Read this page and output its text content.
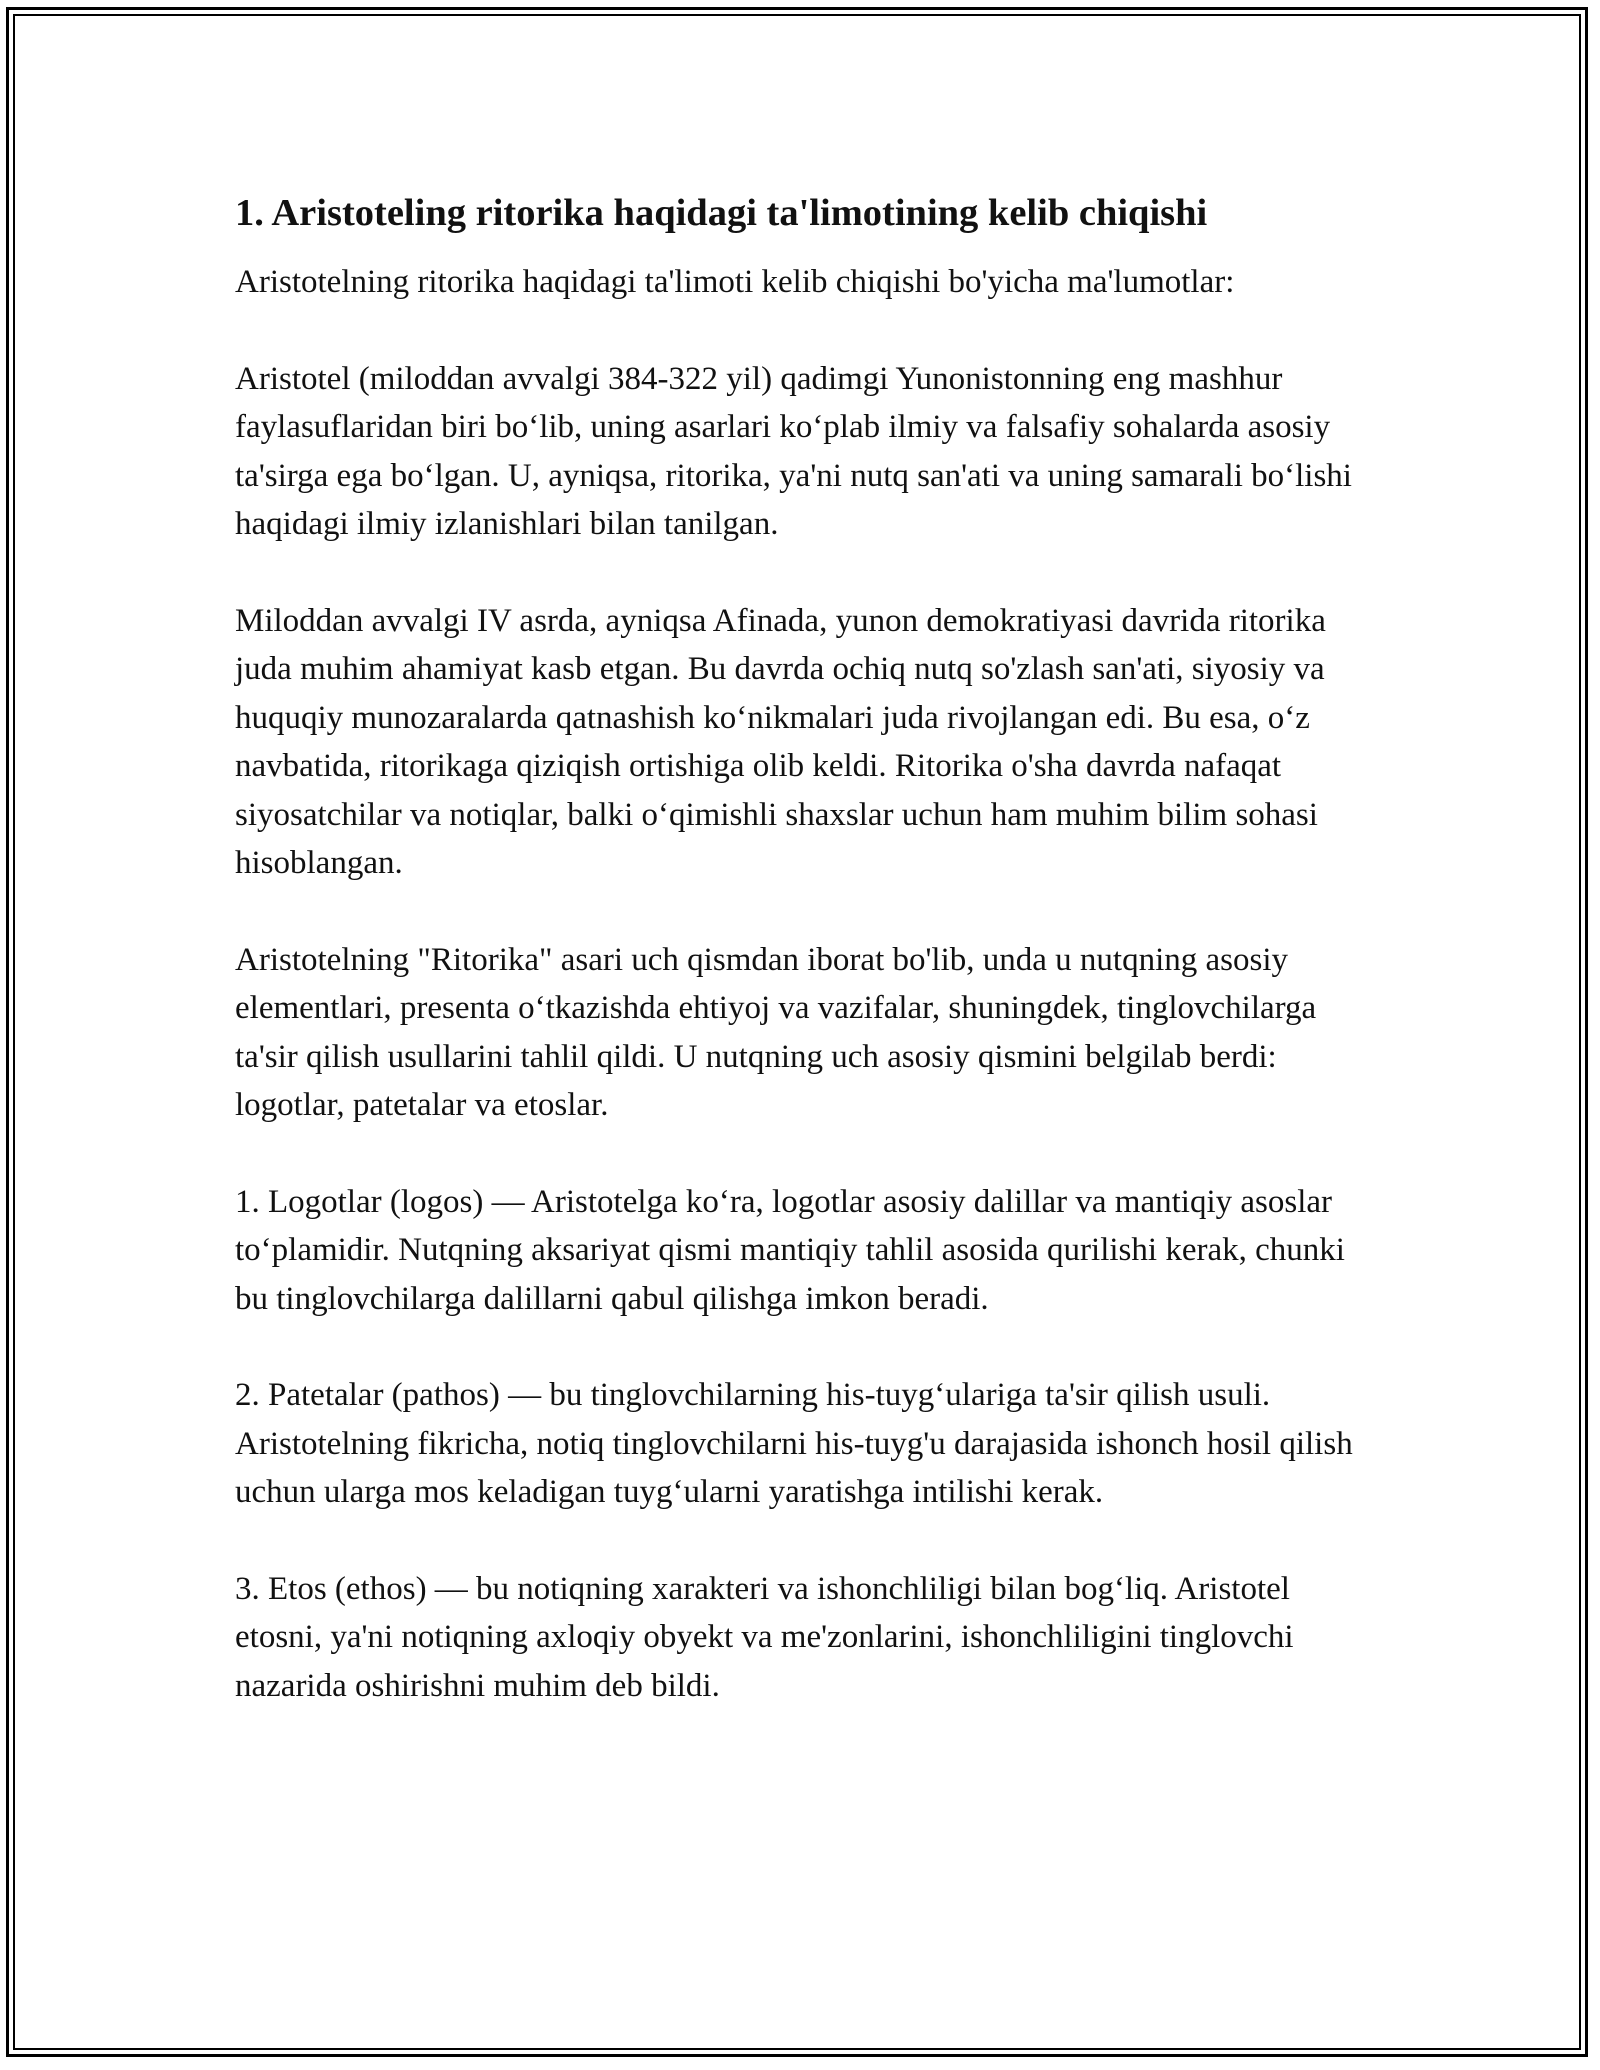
1. Aristoteling ritorika haqidagi ta'limotining kelib chiqishi

Aristotelning ritorika haqidagi ta'limoti kelib chiqishi bo'yicha ma'lumotlar:

Aristotel (miloddan avvalgi 384-322 yil) qadimgi Yunonistonning eng mashhur faylasuflaridan biri bo‘lib, uning asarlari ko‘plab ilmiy va falsafiy sohalarda asosiy ta'sirga ega bo‘lgan. U, ayniqsa, ritorika, ya'ni nutq san'ati va uning samarali bo‘lishi haqidagi ilmiy izlanishlari bilan tanilgan.

Miloddan avvalgi IV asrda, ayniqsa Afinada, yunon demokratiyasi davrida ritorika juda muhim ahamiyat kasb etgan. Bu davrda ochiq nutq so'zlash san'ati, siyosiy va huquqiy munozaralarda qatnashish ko‘nikmalari juda rivojlangan edi. Bu esa, o‘z navbatida, ritorikaga qiziqish ortishiga olib keldi. Ritorika o'sha davrda nafaqat siyosatchilar va notiqlar, balki o‘qimishli shaxslar uchun ham muhim bilim sohasi hisoblangan.

Aristotelning "Ritorika" asari uch qismdan iborat bo'lib, unda u nutqning asosiy elementlari, presenta o‘tkazishda ehtiyoj va vazifalar, shuningdek, tinglovchilarga ta'sir qilish usullarini tahlil qildi. U nutqning uch asosiy qismini belgilab berdi: logotlar, patetalar va etoslar.

1. Logotlar (logos) — Aristotelga ko‘ra, logotlar asosiy dalillar va mantiqiy asoslar to‘plamidir. Nutqning aksariyat qismi mantiqiy tahlil asosida qurilishi kerak, chunki bu tinglovchilarga dalillarni qabul qilishga imkon beradi.

2. Patetalar (pathos) — bu tinglovchilarning his-tuyg‘ulariga ta'sir qilish usuli. Aristotelning fikricha, notiq tinglovchilarni his-tuyg'u darajasida ishonch hosil qilish uchun ularga mos keladigan tuyg‘ularni yaratishga intilishi kerak.

3. Etos (ethos) — bu notiqning xarakteri va ishonchliligi bilan bog‘liq. Aristotel etosni, ya'ni notiqning axloqiy obyekt va me'zonlarini, ishonchliligini tinglovchi nazarida oshirishni muhim deb bildi.
